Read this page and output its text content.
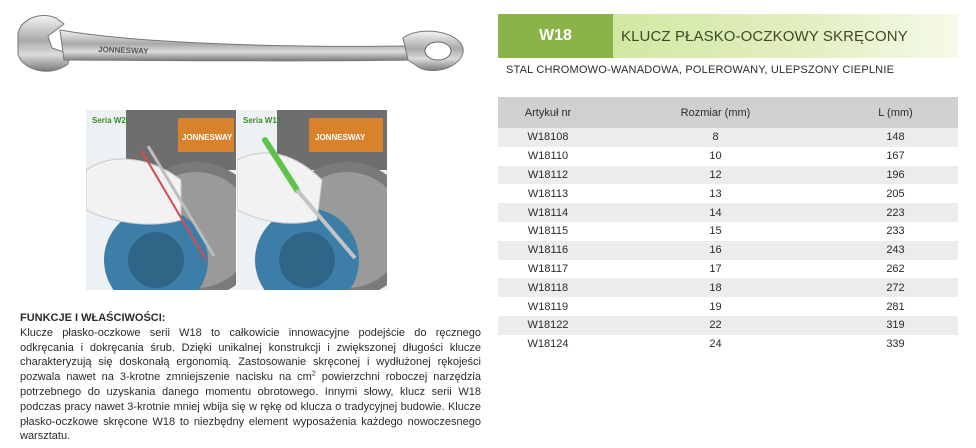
JONNESWAY
JONNESWAY
Seria W26
JONNESWAY
Seria W18
FUNKCJE I WŁAŚCIWOŚCI:
Klucze płasko-oczkowe serii W18 to całkowicie innowacyjne podejście do ręcznego odkręcania i dokręcania śrub. Dzięki unikalnej konstrukcji i zwiększonej długości klucze charakteryzują się doskonałą ergonomią. Zastosowanie skręconej i wydłużonej rękojeści pozwala nawet na 3-krotne zmniejszenie nacisku na $cm^2$ powierzchni roboczej narzędzia potrzebnego do uzyskania danego momentu obrotowego. Innymi słowy, klucz serii W18 podczas pracy nawet 3-krotnie mniej wbija się w rękę od klucza o tradycyjnej budowie. Klucze płasko-oczkowe skręcone W18 to niezbędny element wyposażenia każdego nowoczesnego warsztatu.
W18	KLUCZ PŁASKO-OCZKOWY SKRĘCONY
STAL CHROMOWO-WANADOWA, POLEROWANY, ULEPSZONY CIEPLNIE
Artykuł nr	Rozmiar (mm)	L (mm)
W18108	8	148
W18110	10	167
W18112	12	196
W18113	13	205
W18114	14	223
W18115	15	233
W18116	16	243
W18117	17	262
W18118	18	272
W18119	19	281
W18122	22	319
W18124	24	339
